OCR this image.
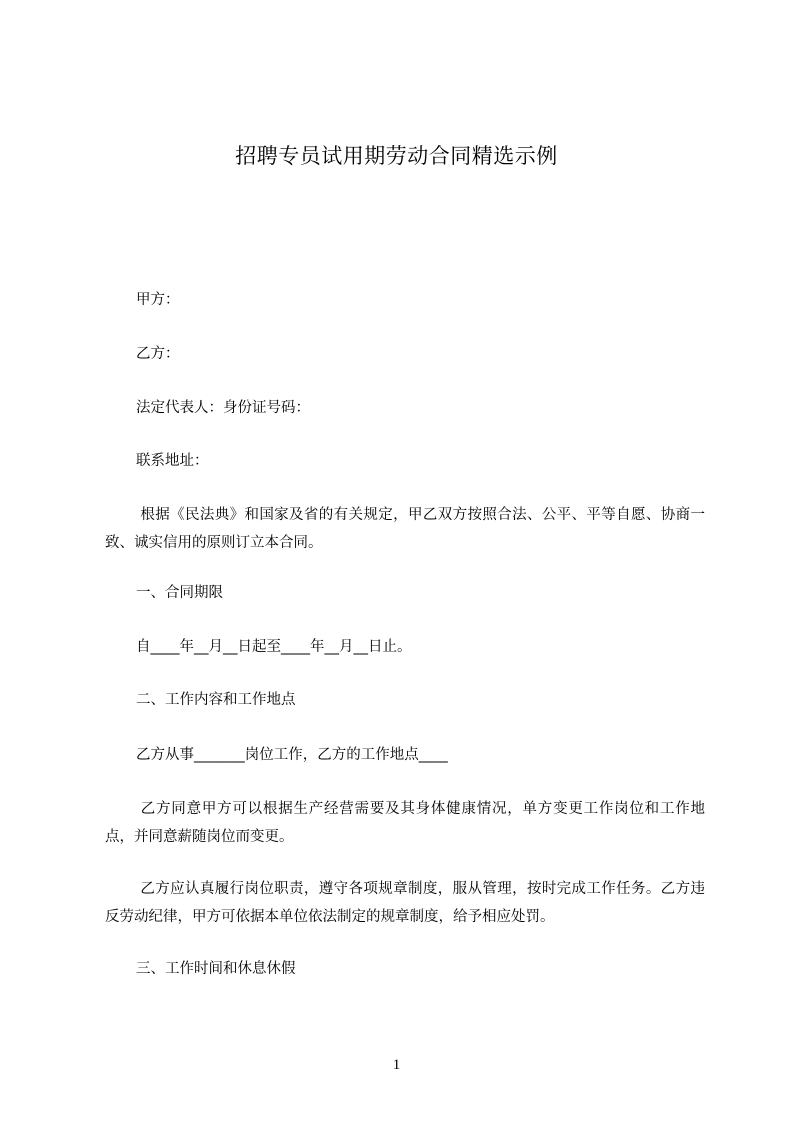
招聘专员试用期劳动合同精选示例
甲方：
乙方：
法定代表人：身份证号码：
联系地址：
根据《民法典》和国家及省的有关规定，甲乙双方按照合法、公平、平等自愿、协商一致、诚实信用的原则订立本合同。
一、合同期限
自____年__月__日起至____年__月__日止。
二、工作内容和工作地点
乙方从事_______岗位工作，乙方的工作地点____
乙方同意甲方可以根据生产经营需要及其身体健康情况，单方变更工作岗位和工作地点，并同意薪随岗位而变更。
乙方应认真履行岗位职责，遵守各项规章制度，服从管理，按时完成工作任务。乙方违反劳动纪律，甲方可依据本单位依法制定的规章制度，给予相应处罚。
三、工作时间和休息休假
1
